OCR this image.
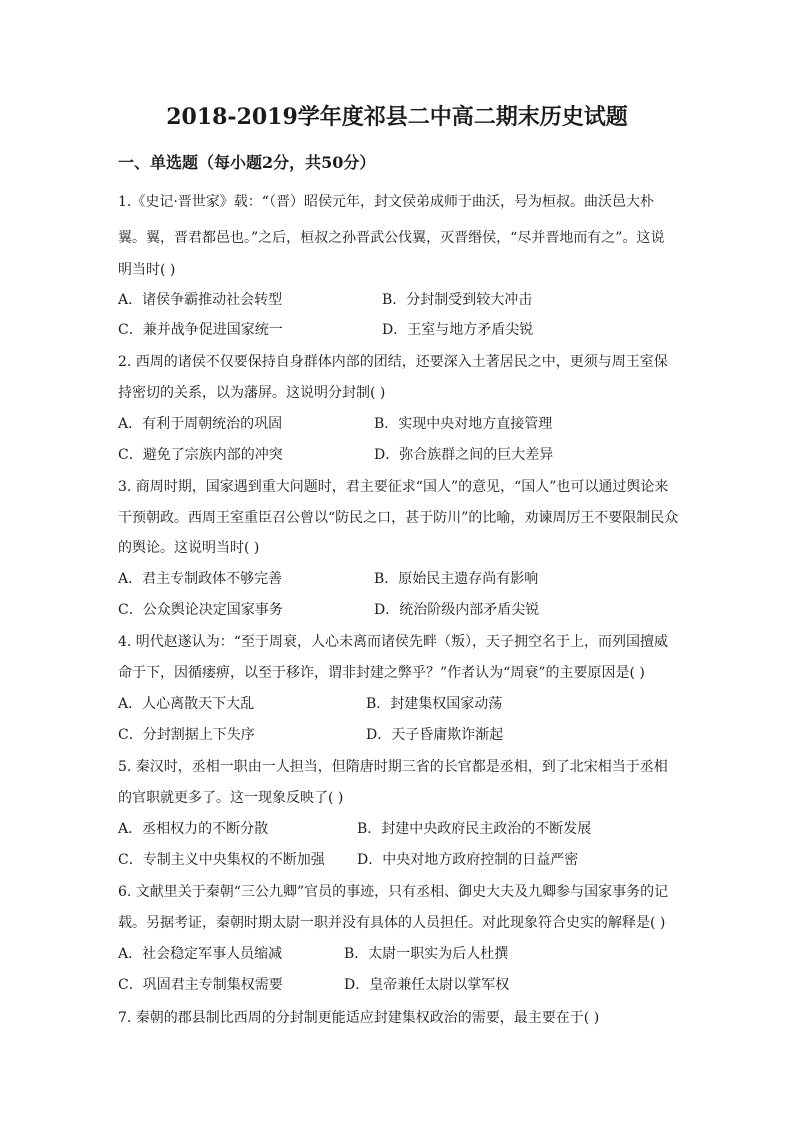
2018-2019学年度祁县二中高二期末历史试题
一、单选题（每小题2分，共50分）
1.《史记·晋世家》载：“（晋）昭侯元年，封文侯弟成师于曲沃，号为桓叔。曲沃邑大朴
翼。翼，晋君都邑也。”之后，桓叔之孙晋武公伐翼，灭晋缗侯，“尽并晋地而有之”。这说
明当时( )
A．诸侯争霸推动社会转型	B．分封制受到较大冲击
C．兼并战争促进国家统一	D．王室与地方矛盾尖锐
2. 西周的诸侯不仅要保持自身群体内部的团结，还要深入土著居民之中，更须与周王室保
持密切的关系，以为藩屏。这说明分封制( )
A．有利于周朝统治的巩固	B．实现中央对地方直接管理
C．避免了宗族内部的冲突	D．弥合族群之间的巨大差异
3. 商周时期，国家遇到重大问题时，君主要征求“国人”的意见，“国人”也可以通过舆论来
干预朝政。西周王室重臣召公曾以“防民之口，甚于防川”的比喻，劝谏周厉王不要限制民众
的舆论。这说明当时( )
A．君主专制政体不够完善	B．原始民主遗存尚有影响
C．公众舆论决定国家事务	D．统治阶级内部矛盾尖锐
4. 明代赵遂认为：“至于周衰，人心未离而诸侯先畔（叛），天子拥空名于上，而列国擅威
命于下，因循瘘痹，以至于移诈，谓非封建之弊乎？”作者认为“周衰”的主要原因是( )
A．人心离散天下大乱	B．封建集权国家动荡
C．分封割据上下失序	D．天子昏庸欺诈渐起
5. 秦汉时，丞相一职由一人担当，但隋唐时期三省的长官都是丞相，到了北宋相当于丞相
的官职就更多了。这一现象反映了( )
A．丞相权力的不断分散	B．封建中央政府民主政治的不断发展
C．专制主义中央集权的不断加强 D．中央对地方政府控制的日益严密
6. 文献里关于秦朝“三公九卿”官员的事迹，只有丞相、御史大夫及九卿参与国家事务的记
载。另据考证，秦朝时期太尉一职并没有具体的人员担任。对此现象符合史实的解释是( )
A．社会稳定军事人员缩减	B．太尉一职实为后人杜撰
C．巩固君主专制集权需要	D．皇帝兼任太尉以掌军权
7. 秦朝的郡县制比西周的分封制更能适应封建集权政治的需要，最主要在于( )
